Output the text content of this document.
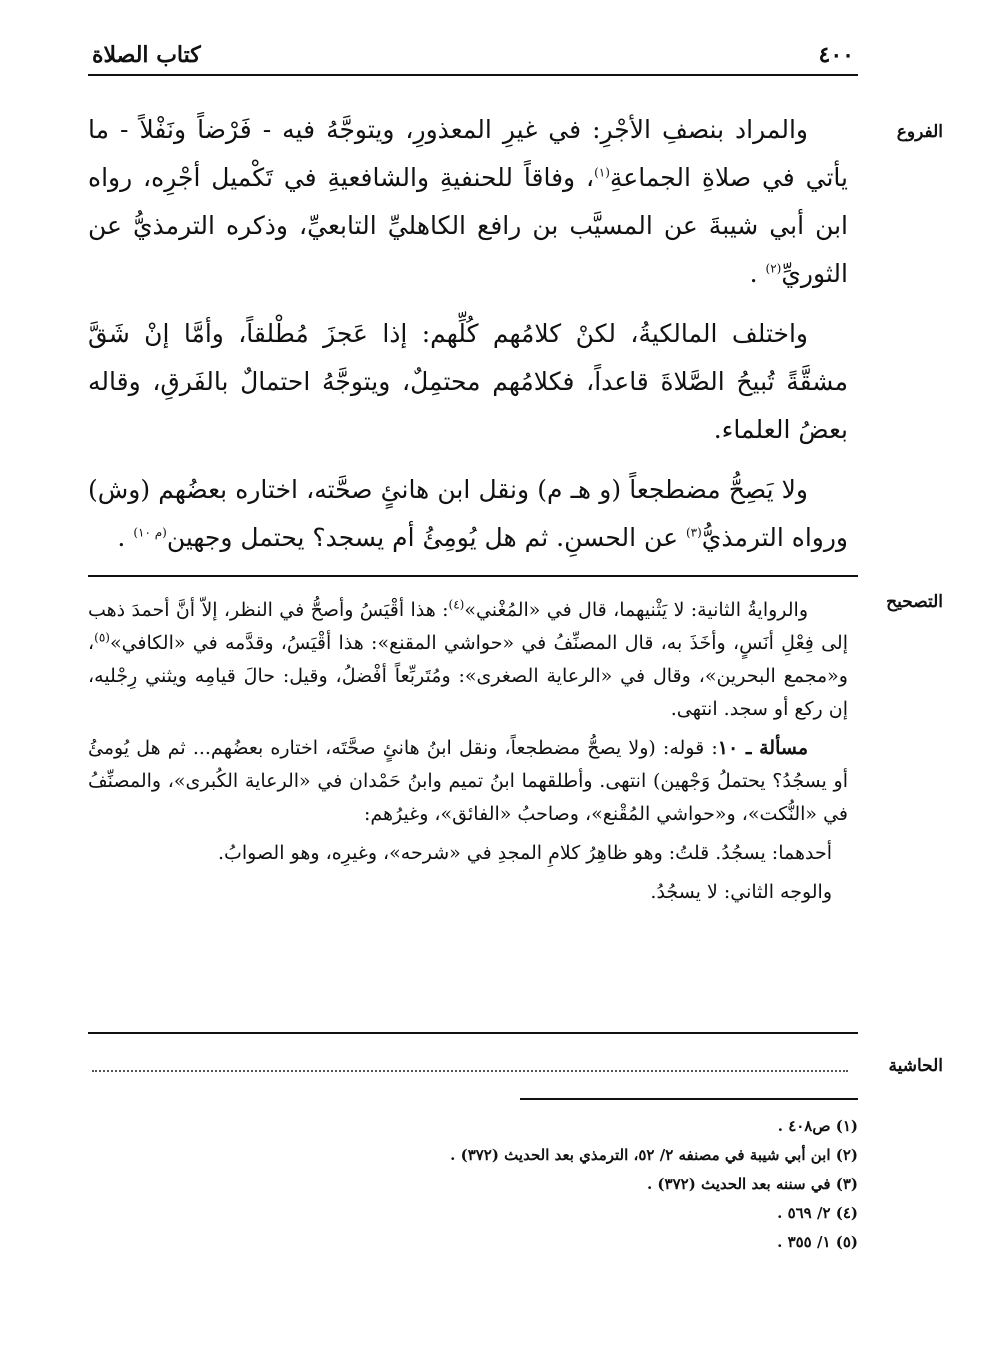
٤٠٠
كتاب الصلاة
الفروع

والمراد بنصفِ الأجْرِ: في غيرِ المعذورِ، ويتوجَّهُ فيه - فَرْضاً ونَفْلاً - ما يأتي في صلاةِ الجماعةِ$^{(١)}$، وفاقاً للحنفيةِ والشافعيةِ في تَكْميل أجْرِه، رواه ابن أبي شيبةَ عن المسيَّب بن رافع الكاهليِّ التابعيِّ، وذكره الترمذيُّ عن الثوريِّ$^{(٢)}$ .

واختلف المالكيةُ، لكنْ كلامُهم كُلِّهم: إذا عَجزَ مُطْلقاً، وأمَّا إنْ شَقَّ مشقَّةً تُبيحُ الصَّلاةَ قاعداً، فكلامُهم محتمِلٌ، ويتوجَّهُ احتمالٌ بالفَرقِ، وقاله بعضُ العلماء.

ولا يَصِحُّ مضطجعاً (و هـ م) ونقل ابن هانئٍ صحَّته، اختاره بعضُهم (وش) ورواه الترمذيُّ$^{(٣)}$ عن الحسنِ. ثم هل يُومِئُ أم يسجد؟ يحتمل وجهين$^{(م ١٠)}$ .

التصحيح

والروايةُ الثانية: لا يَثْنيهما، قال في «المُغْني»$^{(٤)}$: هذا أقْيَسُ وأصحُّ في النظر، إلاّ أنَّ أحمدَ ذهب إلى فِعْلِ أنَسٍ، وأخَذَ به، قال المصنِّفُ في «حواشي المقنع»: هذا أقْيَسُ، وقدَّمه في «الكافي»$^{(٥)}$، و«مجمع البحرين»، وقال في «الرعاية الصغرى»: ومُتَربِّعاً أفْضلُ، وقيل: حالَ قيامِه ويثني رِجْليه، إن ركع أو سجد. انتهى.

مسألة ـ ١٠: قوله: (ولا يصحُّ مضطجعاً، ونقل ابنُ هانئٍ صحَّتَه، اختاره بعضُهم... ثم هل يُومئُ أو يسجُدُ؟ يحتملُ وَجْهين) انتهى. وأطلقهما ابنُ تميم وابنُ حَمْدان في «الرعاية الكُبرى»، والمصنِّفُ في «النُّكت»، و«حواشي المُقْنع»، وصاحبُ «الفائق»، وغيرُهم:

أحدهما: يسجُدُ. قلتُ: وهو ظاهِرُ كلامِ المجدِ في «شرحه»، وغيرِه، وهو الصوابُ.

والوجه الثاني: لا يسجُدُ.

الحاشية
(١) ص٤٠٨ .
(٢) ابن أبي شيبة في مصنفه ٢/ ٥٢، الترمذي بعد الحديث (٣٧٢) .
(٣) في سننه بعد الحديث (٣٧٢) .
(٤) ٢/ ٥٦٩ .
(٥) ١/ ٣٥٥ .
